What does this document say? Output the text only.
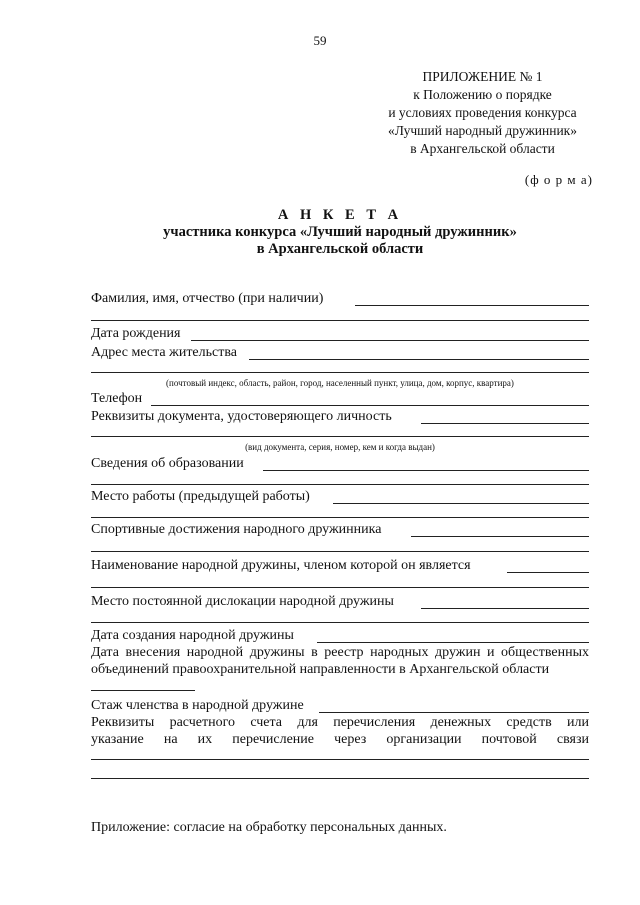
59
ПРИЛОЖЕНИЕ № 1
к Положению о порядке
и условиях проведения конкурса
«Лучший народный дружинник»
в Архангельской области
(ф о р м а)
А Н К Е Т А
участника конкурса «Лучший народный дружинник»
в Архангельской области
Фамилия, имя, отчество (при наличии)
Дата рождения
Адрес места жительства
(почтовый индекс, область, район, город, населенный пункт, улица, дом, корпус, квартира)
Телефон
Реквизиты документа, удостоверяющего личность
(вид документа, серия, номер, кем и когда выдан)
Сведения об образовании
Место работы (предыдущей работы)
Спортивные достижения народного дружинника
Наименование народной дружины, членом которой он является
Место постоянной дислокации народной дружины
Дата создания народной дружины
Дата внесения народной дружины в реестр народных дружин и общественных
объединений правоохранительной направленности в Архангельской области
Стаж членства в народной дружине
Реквизиты расчетного счета для перечисления денежных средств или
указание на их перечисление через организации почтовой связи
Приложение: согласие на обработку персональных данных.
